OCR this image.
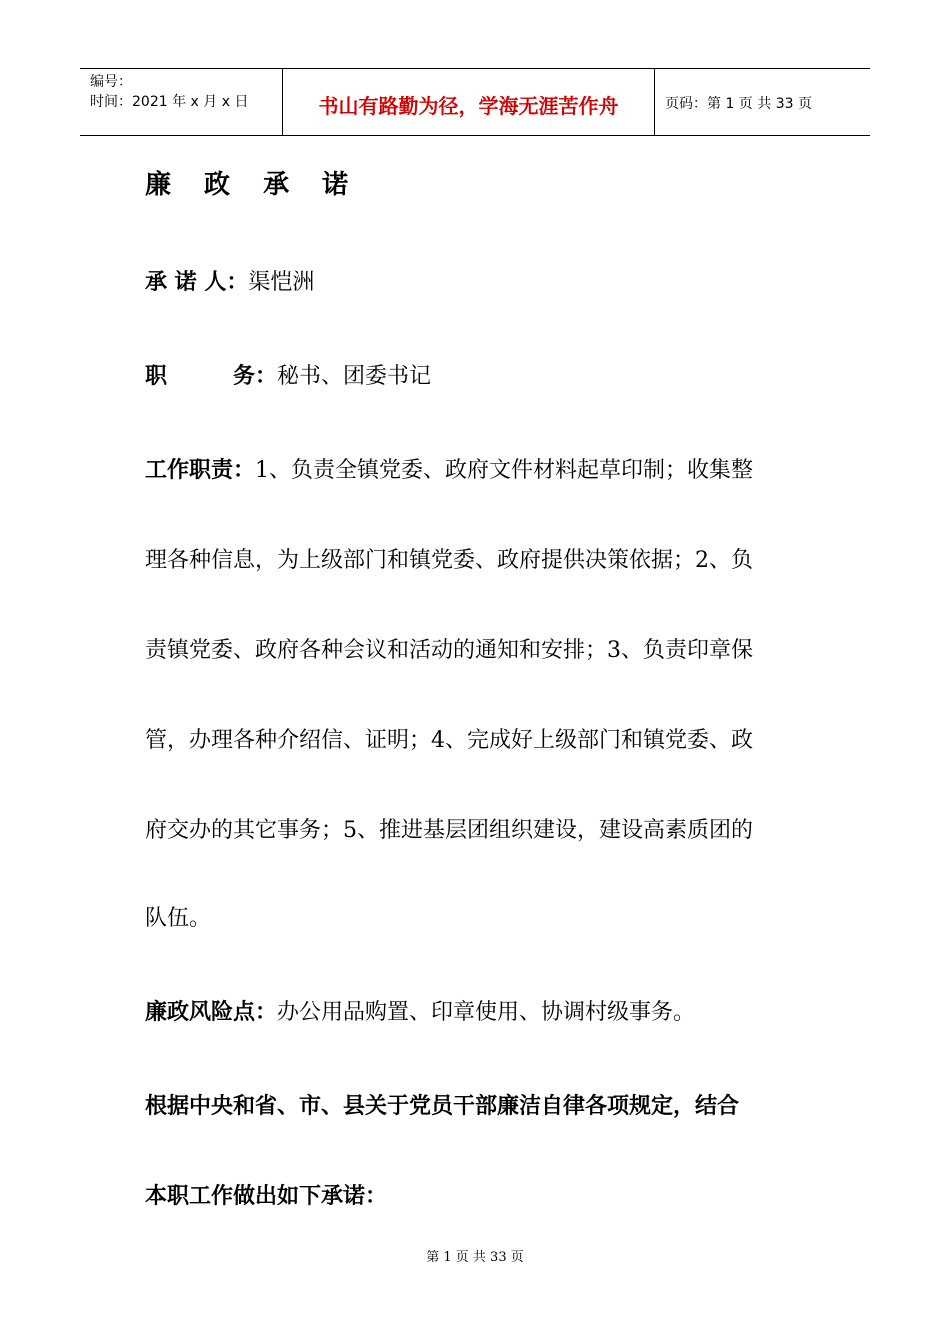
编号：
时间：2021 年 x 月 x 日	书山有路勤为径，学海无涯苦作舟	页码：第 1 页 共 33 页
廉 政 承 诺
承 诺 人：渠恺洲
职　　　务：秘书、团委书记
工作职责：1、负责全镇党委、政府文件材料起草印制；收集整
理各种信息，为上级部门和镇党委、政府提供决策依据；2、负
责镇党委、政府各种会议和活动的通知和安排；3、负责印章保
管，办理各种介绍信、证明；4、完成好上级部门和镇党委、政
府交办的其它事务；5、推进基层团组织建设，建设高素质团的
队伍。
廉政风险点：办公用品购置、印章使用、协调村级事务。
根据中央和省、市、县关于党员干部廉洁自律各项规定，结合
本职工作做出如下承诺：
第 1 页 共 33 页
